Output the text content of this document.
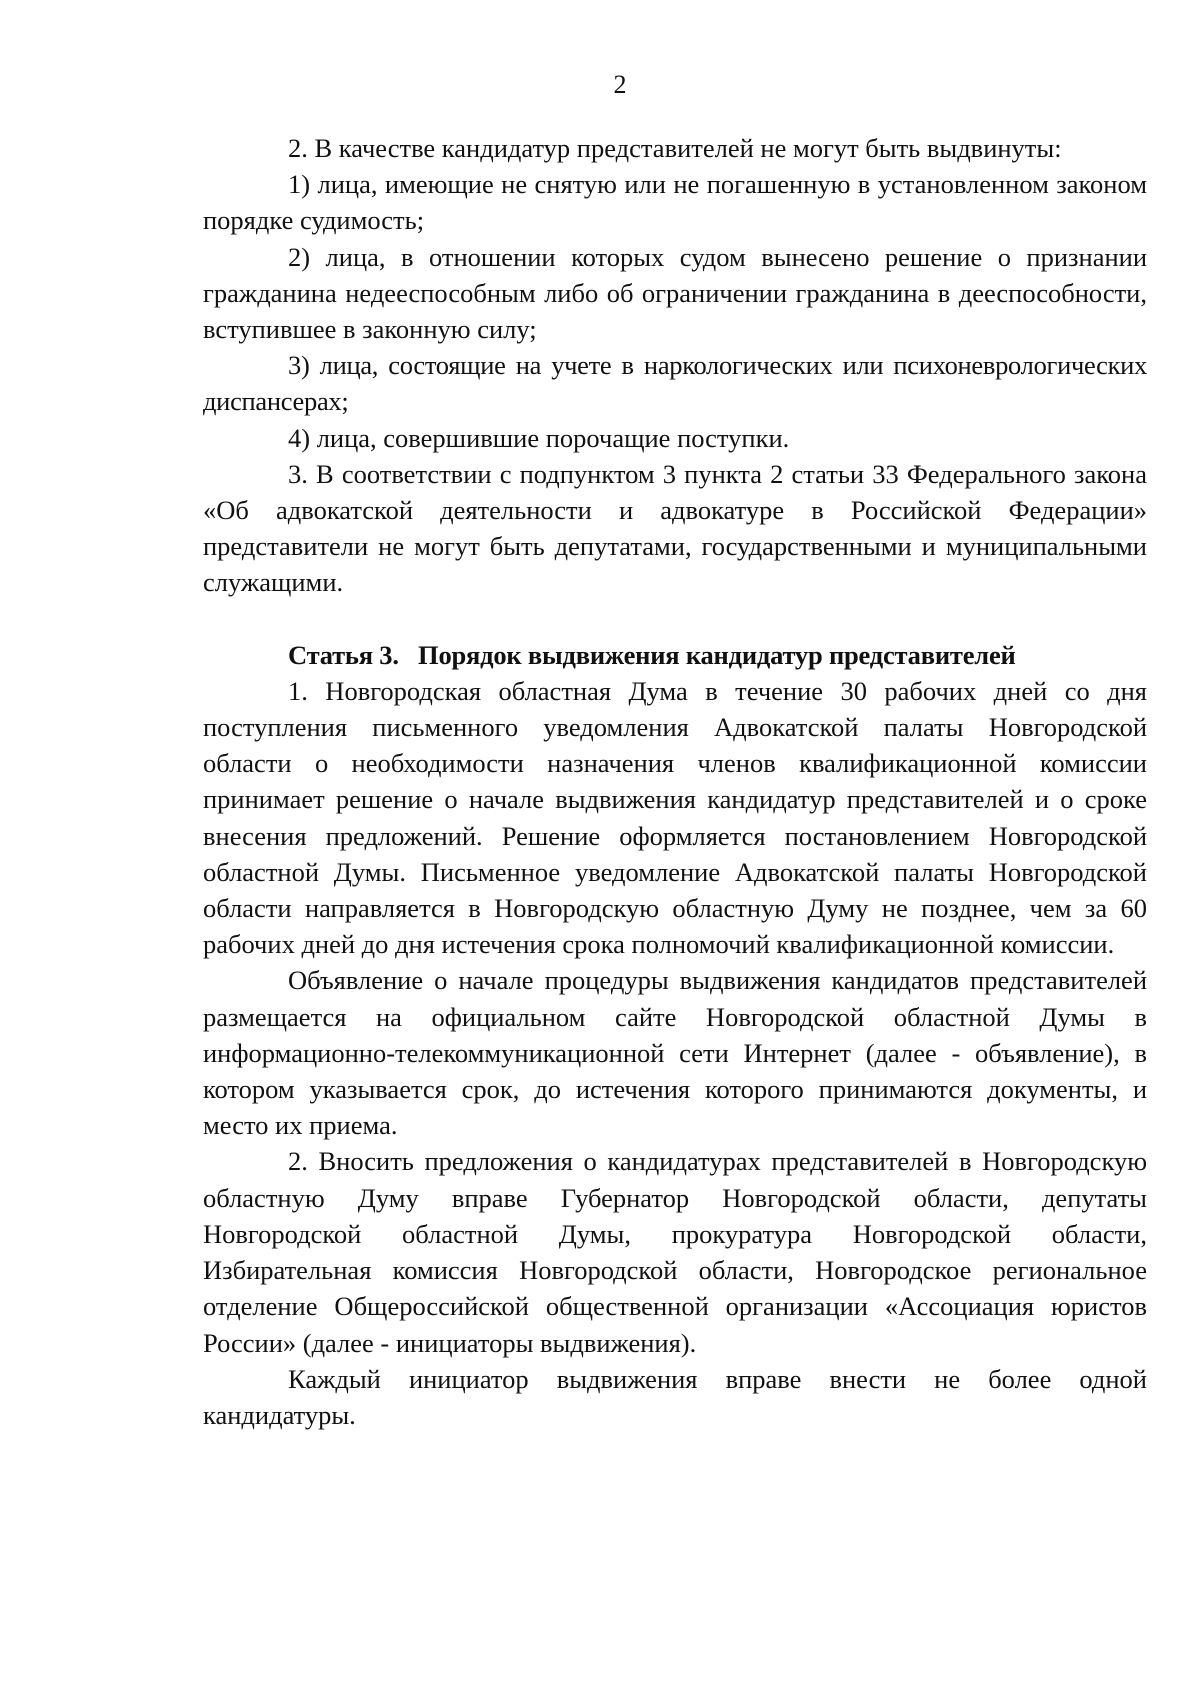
2

2. В качестве кандидатур представителей не могут быть выдвинуты:

1) лица, имеющие не снятую или не погашенную в установленном законом порядке судимость;

2) лица, в отношении которых судом вынесено решение о признании гражданина недееспособным либо об ограничении гражданина в дееспособности, вступившее в законную силу;

3) лица, состоящие на учете в наркологических или психоневрологических диспансерах;

4) лица, совершившие порочащие поступки.

3. В соответствии с подпунктом 3 пункта 2 статьи 33 Федерального закона «Об адвокатской деятельности и адвокатуре в Российской Федерации» представители не могут быть депутатами, государственными и муниципальными служащими.

Статья 3.   Порядок выдвижения кандидатур представителей

1. Новгородская областная Дума в течение 30 рабочих дней со дня поступления письменного уведомления Адвокатской палаты Новгородской области о необходимости назначения членов квалификационной комиссии принимает решение о начале выдвижения кандидатур представителей и о сроке внесения предложений. Решение оформляется постановлением Новгородской областной Думы. Письменное уведомление Адвокатской палаты Новгородской области направляется в Новгородскую областную Думу не позднее, чем за 60 рабочих дней до дня истечения срока полномочий квалификационной комиссии.

Объявление о начале процедуры выдвижения кандидатов представителей размещается на официальном сайте Новгородской областной Думы в информационно-телекоммуникационной сети Интернет (далее - объявление), в котором указывается срок, до истечения которого принимаются документы, и место их приема.

2. Вносить предложения о кандидатурах представителей в Новгородскую областную Думу вправе Губернатор Новгородской области, депутаты Новгородской областной Думы, прокуратура Новгородской области, Избирательная комиссия Новгородской области, Новгородское региональное отделение Общероссийской общественной организации «Ассоциация юристов России» (далее - инициаторы выдвижения).

Каждый инициатор выдвижения вправе внести не более одной кандидатуры.
